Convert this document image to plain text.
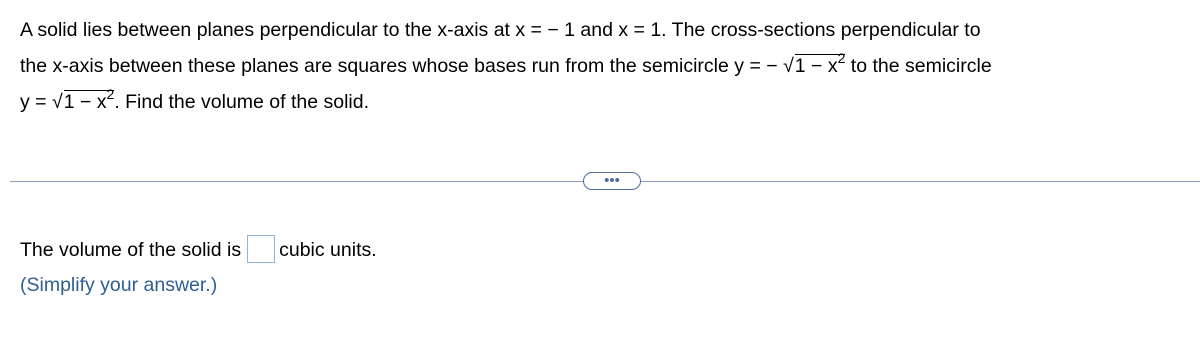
A solid lies between planes perpendicular to the x-axis at x = − 1 and x = 1. The cross-sections perpendicular to
the x-axis between these planes are squares whose bases run from the semicircle y = − $√1 - x^2$ to the semicircle
$y = √1 - x^2$. Find the volume of the solid.
•••
The volume of the solid is cubic units.
(Simplify your answer.)
